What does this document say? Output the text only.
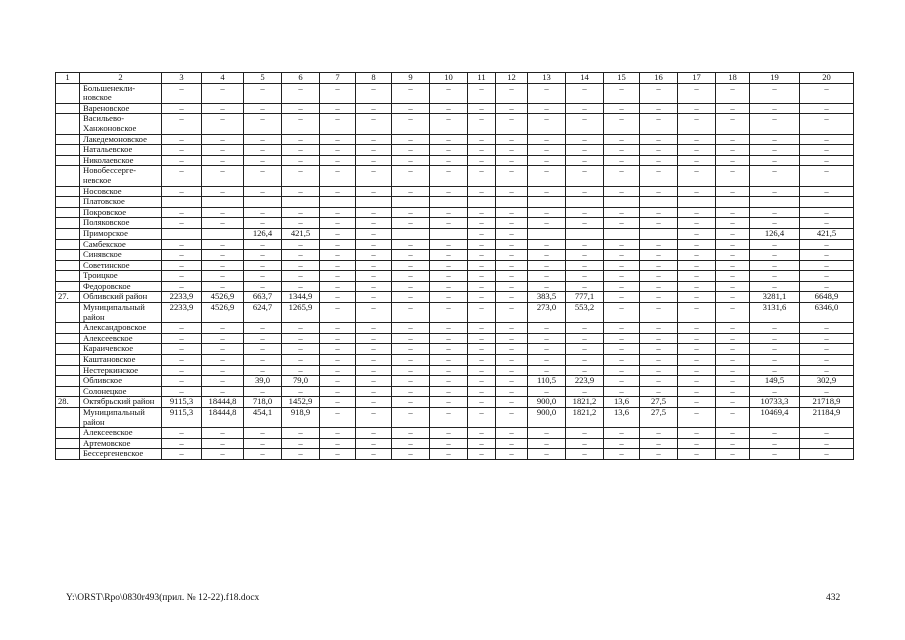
1	2	3	4	5	6	7	8	9	10	11	12	13	14	15	16	17	18	19	20
	Большенекли-новское	–	–	–	–	–	–	–	–	–	–	–	–	–	–	–	–	–	–
	Вареновское	–	–	–	–	–	–	–	–	–	–	–	–	–	–	–	–	–	–
	Васильево-Ханжоновское	–	–	–	–	–	–	–	–	–	–	–	–	–	–	–	–	–	–
	Лакедемоновское	–	–	–	–	–	–	–	–	–	–	–	–	–	–	–	–	–	–
	Натальевское	–	–	–	–	–	–	–	–	–	–	–	–	–	–	–	–	–	–
	Николаевское	–	–	–	–	–	–	–	–	–	–	–	–	–	–	–	–	–	–
	Новобессерге-невское	–	–	–	–	–	–	–	–	–	–	–	–	–	–	–	–	–	–
	Носовское	–	–	–	–	–	–	–	–	–	–	–	–	–	–	–	–	–	–
	Платовское																		
	Покровское	–	–	–	–	–	–	–	–	–	–	–	–	–	–	–	–	–	–
	Поляковское	–	–	–	–	–	–	–	–	–	–	–	–	–	–	–	–	–	–
	Приморское			126,4	421,5	–	–			–	–					–	–	126,4	421,5
	Самбекское	–	–	–	–	–	–	–	–	–	–	–	–	–	–	–	–	–	–
	Синявское	–	–	–	–	–	–	–	–	–	–	–	–	–	–	–	–	–	–
	Советинское	–	–	–	–	–	–	–	–	–	–	–	–	–	–	–	–	–	–
	Троицкое	–	–	–	–	–	–	–	–	–	–	–	–	–	–	–	–	–	–
	Федоровское	–	–	–	–	–	–	–	–	–	–	–	–	–	–	–	–	–	–
27.	Обливский район	2233,9	4526,9	663,7	1344,9	–	–	–	–	–	–	383,5	777,1	–	–	–	–	3281,1	6648,9
	Муниципальный район	2233,9	4526,9	624,7	1265,9	–	–	–	–	–	–	273,0	553,2	–	–	–	–	3131,6	6346,0
	Александровское	–	–	–	–	–	–	–	–	–	–	–	–	–	–	–	–	–	–
	Алексеевское	–	–	–	–	–	–	–	–	–	–	–	–	–	–	–	–	–	–
	Караичевское	–	–	–	–	–	–	–	–	–	–	–	–	–	–	–	–	–	–
	Каштановское	–	–	–	–	–	–	–	–	–	–	–	–	–	–	–	–	–	–
	Нестеркинское	–	–	–	–	–	–	–	–	–	–	–	–	–	–	–	–	–	–
	Обливское	–	–	39,0	79,0	–	–	–	–	–	–	110,5	223,9	–	–	–	–	149,5	302,9
	Солонецкое	–	–	–	–	–	–	–	–	–	–	–	–	–	–	–	–	–	–
28.	Октябрьский район	9115,3	18444,8	718,0	1452,9	–	–	–	–	–	–	900,0	1821,2	13,6	27,5	–	–	10733,3	21718,9
	Муниципальный район	9115,3	18444,8	454,1	918,9	–	–	–	–	–	–	900,0	1821,2	13,6	27,5	–	–	10469,4	21184,9
	Алексеевское	–	–	–	–	–	–	–	–	–	–	–	–	–	–	–	–	–	–
	Артемовское	–	–	–	–	–	–	–	–	–	–	–	–	–	–	–	–	–	–
	Бессергеневское	–	–	–	–	–	–	–	–	–	–	–	–	–	–	–	–	–	–
Y:\ORST\Rpo\0830r493(прил. № 12-22).f18.docx	432
